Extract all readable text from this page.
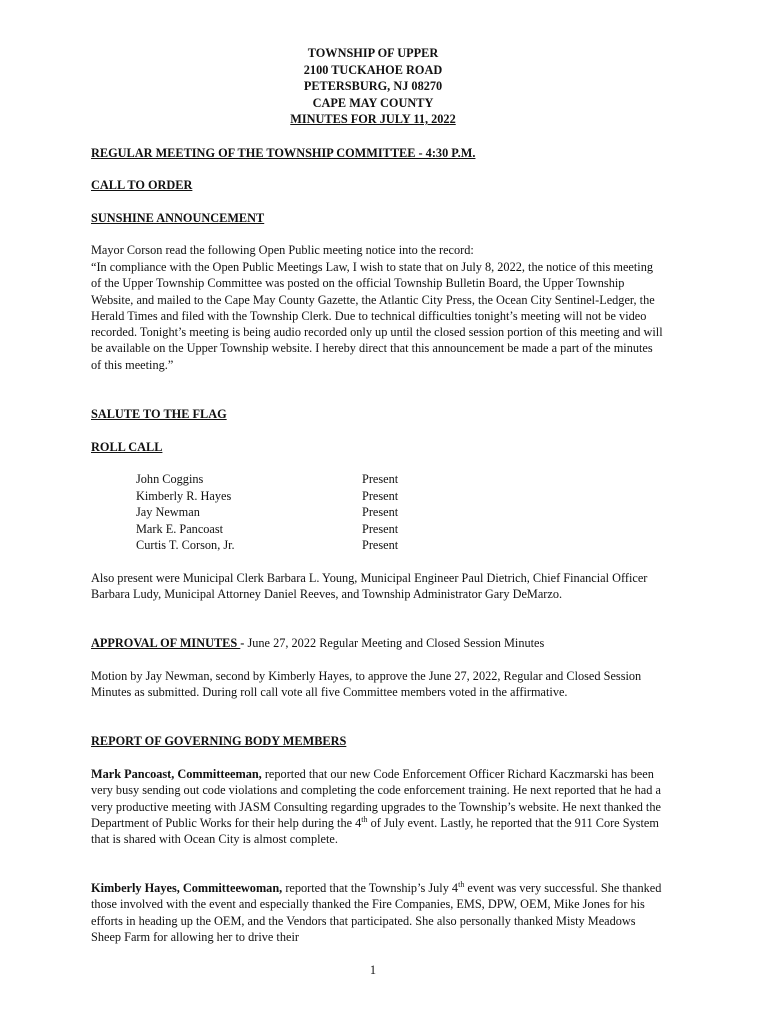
TOWNSHIP OF UPPER
2100 TUCKAHOE ROAD
PETERSBURG, NJ 08270
CAPE MAY COUNTY
MINUTES FOR JULY 11, 2022
REGULAR MEETING OF THE TOWNSHIP COMMITTEE - 4:30 P.M.
CALL TO ORDER
SUNSHINE ANNOUNCEMENT
Mayor Corson read the following Open Public meeting notice into the record:
“In compliance with the Open Public Meetings Law, I wish to state that on July 8, 2022, the notice of this meeting of the Upper Township Committee was posted on the official Township Bulletin Board, the Upper Township Website, and mailed to the Cape May County Gazette, the Atlantic City Press, the Ocean City Sentinel-Ledger, the Herald Times and filed with the Township Clerk. Due to technical difficulties tonight’s meeting will not be video recorded. Tonight’s meeting is being audio recorded only up until the closed session portion of this meeting and will be available on the Upper Township website. I hereby direct that this announcement be made a part of the minutes of this meeting.”
SALUTE TO THE FLAG
ROLL CALL
John Coggins	Present
Kimberly R. Hayes	Present
Jay Newman	Present
Mark E. Pancoast	Present
Curtis T. Corson, Jr.	Present
Also present were Municipal Clerk Barbara L. Young, Municipal Engineer Paul Dietrich, Chief Financial Officer Barbara Ludy, Municipal Attorney Daniel Reeves, and Township Administrator Gary DeMarzo.
APPROVAL OF MINUTES - June 27, 2022 Regular Meeting and Closed Session Minutes
Motion by Jay Newman, second by Kimberly Hayes, to approve the June 27, 2022, Regular and Closed Session Minutes as submitted. During roll call vote all five Committee members voted in the affirmative.
REPORT OF GOVERNING BODY MEMBERS
Mark Pancoast, Committeeman, reported that our new Code Enforcement Officer Richard Kaczmarski has been very busy sending out code violations and completing the code enforcement training. He next reported that he had a very productive meeting with JASM Consulting regarding upgrades to the Township’s website. He next thanked the Department of Public Works for their help during the 4th of July event. Lastly, he reported that the 911 Core System that is shared with Ocean City is almost complete.
Kimberly Hayes, Committeewoman, reported that the Township’s July 4th event was very successful. She thanked those involved with the event and especially thanked the Fire Companies, EMS, DPW, OEM, Mike Jones for his efforts in heading up the OEM, and the Vendors that participated. She also personally thanked Misty Meadows Sheep Farm for allowing her to drive their
1
